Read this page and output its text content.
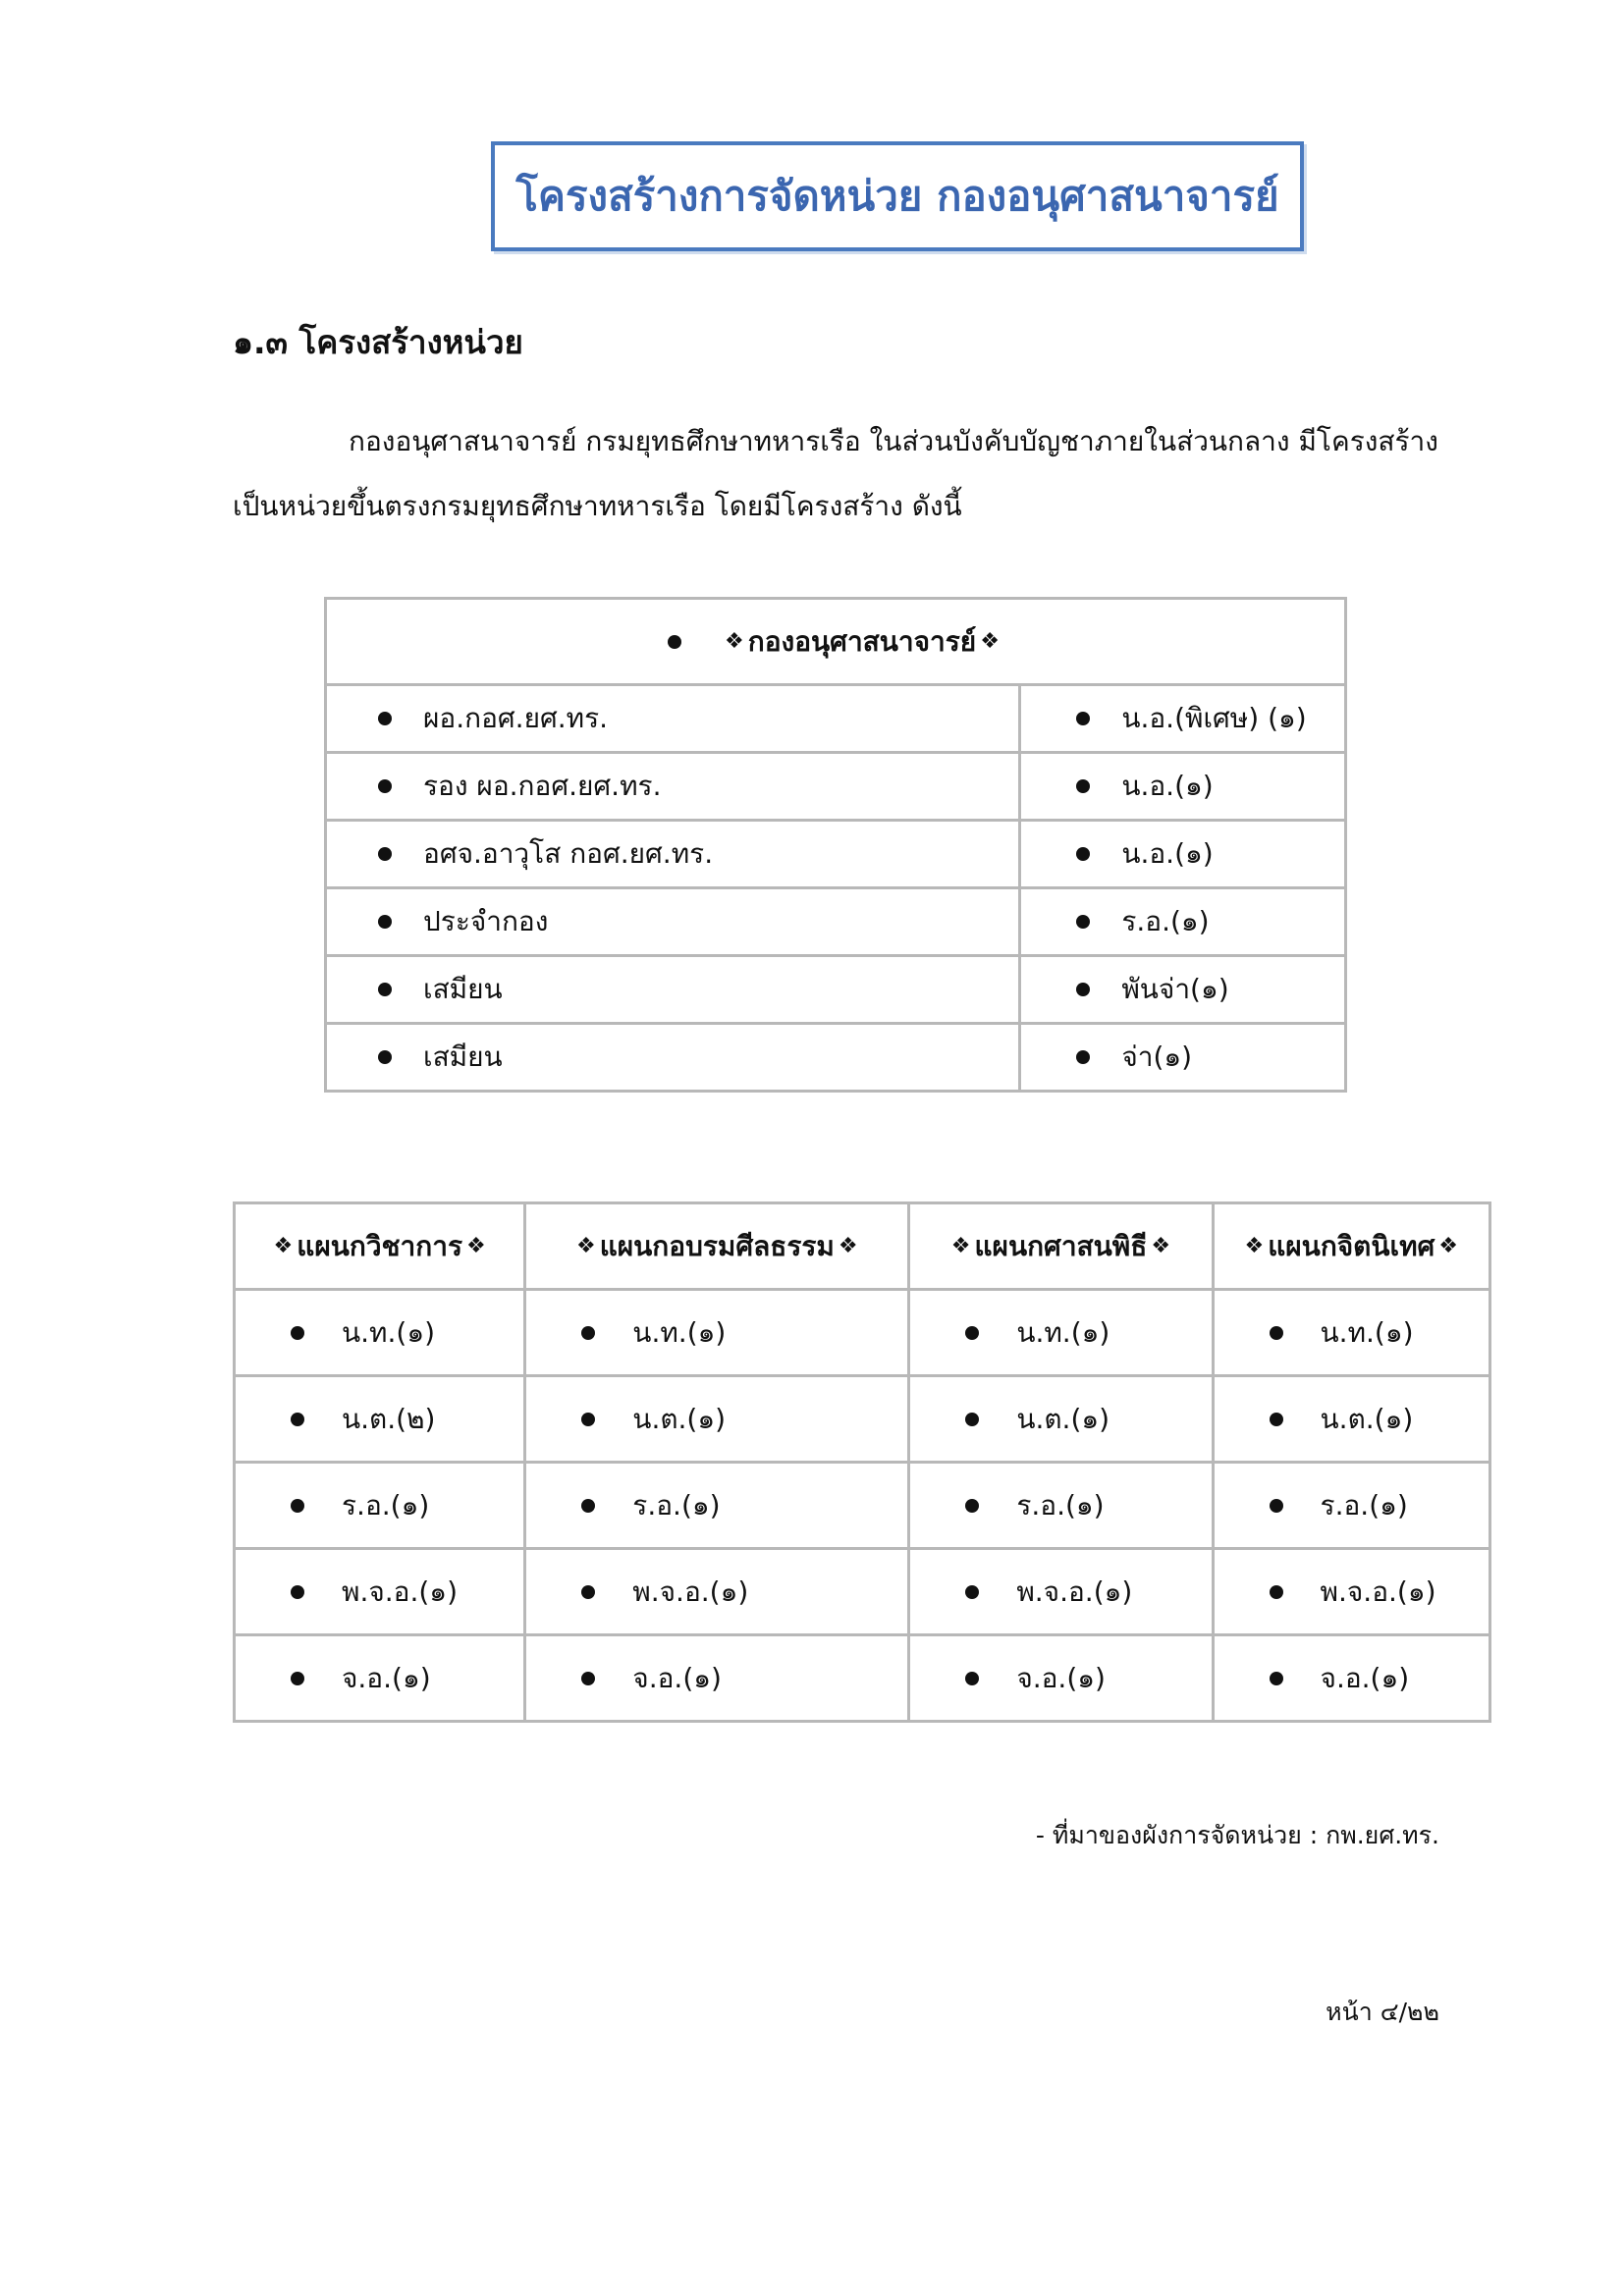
โครงสร้างการจัดหน่วย กองอนุศาสนาจารย์
๑.๓ โครงสร้างหน่วย
กองอนุศาสนาจารย์ กรมยุทธศึกษาทหารเรือ ในส่วนบังคับบัญชาภายในส่วนกลาง มีโครงสร้าง
เป็นหน่วยขึ้นตรงกรมยุทธศึกษาทหารเรือ โดยมีโครงสร้าง ดังนี้
❖ กองอนุศาสนาจารย์ ❖	

ผอ.กอศ.ยศ.ทร.	น.อ.(พิเศษ) (๑)

รอง ผอ.กอศ.ยศ.ทร.	น.อ.(๑)

อศจ.อาวุโส กอศ.ยศ.ทร.	น.อ.(๑)

ประจำกอง	ร.อ.(๑)

เสมียน	พันจ่า(๑)

เสมียน	จ่า(๑)
❖ แผนกวิชาการ ❖	❖ แผนกอบรมศีลธรรม ❖	❖ แผนกศาสนพิธี ❖	❖ แผนกจิตนิเทศ ❖

น.ท.(๑)	น.ท.(๑)	น.ท.(๑)	น.ท.(๑)

น.ต.(๒)	น.ต.(๑)	น.ต.(๑)	น.ต.(๑)

ร.อ.(๑)	ร.อ.(๑)	ร.อ.(๑)	ร.อ.(๑)

พ.จ.อ.(๑)	พ.จ.อ.(๑)	พ.จ.อ.(๑)	พ.จ.อ.(๑)

จ.อ.(๑)	จ.อ.(๑)	จ.อ.(๑)	จ.อ.(๑)
- ที่มาของผังการจัดหน่วย : กพ.ยศ.ทร.
หน้า ๔/๒๒
